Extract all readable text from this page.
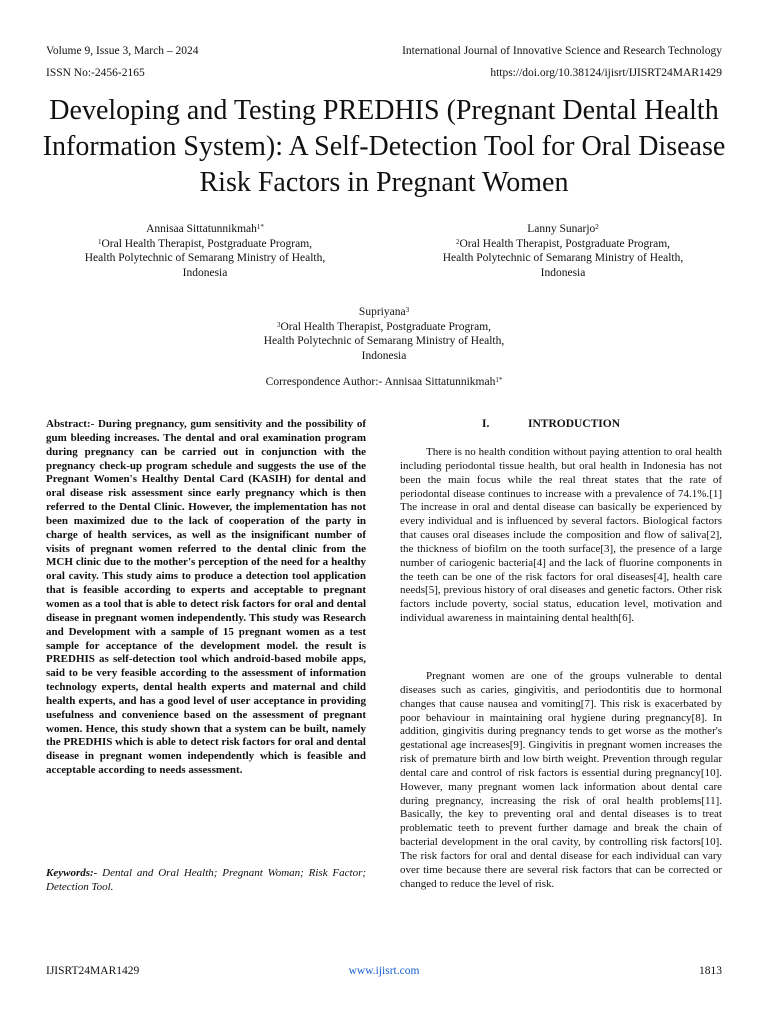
Volume 9, Issue 3, March – 2024	International Journal of Innovative Science and Research Technology
ISSN No:-2456-2165	https://doi.org/10.38124/ijisrt/IJISRT24MAR1429
Developing and Testing PREDHIS (Pregnant Dental Health Information System): A Self-Detection Tool for Oral Disease Risk Factors in Pregnant Women
Annisaa Sittatunnikmah$^{1*}$
$^1$Oral Health Therapist, Postgraduate Program,
Health Polytechnic of Semarang Ministry of Health,
Indonesia
Lanny Sunarjo$^2$
$^2$Oral Health Therapist, Postgraduate Program,
Health Polytechnic of Semarang Ministry of Health,
Indonesia
Supriyana$^3$
$^3$Oral Health Therapist, Postgraduate Program,
Health Polytechnic of Semarang Ministry of Health,
Indonesia
Correspondence Author:- Annisaa Sittatunnikmah$^{1*}$
Abstract:- During pregnancy, gum sensitivity and the possibility of gum bleeding increases. The dental and oral examination program during pregnancy can be carried out in conjunction with the pregnancy check-up program schedule and suggests the use of the Pregnant Women's Healthy Dental Card (KASIH) for dental and oral disease risk assessment since early pregnancy which is then referred to the Dental Clinic. However, the implementation has not been maximized due to the lack of cooperation of the party in charge of health services, as well as the insignificant number of visits of pregnant women referred to the dental clinic from the MCH clinic due to the mother's perception of the need for a healthy oral cavity. This study aims to produce a detection tool application that is feasible according to experts and acceptable to pregnant women as a tool that is able to detect risk factors for oral and dental disease in pregnant women independently. This study was Research and Development with a sample of 15 pregnant women as a test sample for acceptance of the development model. the result is PREDHIS as self-detection tool which android-based mobile apps, said to be very feasible according to the assessment of information technology experts, dental health experts and maternal and child health experts, and has a good level of user acceptance in providing usefulness and convenience based on the assessment of pregnant women. Hence, this study shown that a system can be built, namely the PREDHIS which is able to detect risk factors for oral and dental disease in pregnant women independently which is feasible and acceptable according to needs assessment.
Keywords:- Dental and Oral Health; Pregnant Woman; Risk Factor; Detection Tool.
I.	INTRODUCTION

There is no health condition without paying attention to oral health including periodontal tissue health, but oral health in Indonesia has not been the main focus while the real threat states that the rate of periodontal disease continues to increase with a prevalence of 74.1%.[1] The increase in oral and dental disease can basically be experienced by every individual and is influenced by several factors. Biological factors that causes oral diseases include the composition and flow of saliva[2], the thickness of biofilm on the tooth surface[3], the presence of a large number of cariogenic bacteria[4] and the lack of fluorine components in the teeth can be one of the risk factors for oral diseases[4], health care needs[5], previous history of oral diseases and genetic factors. Other risk factors include poverty, social status, education level, motivation and individual awareness in maintaining dental health[6].

Pregnant women are one of the groups vulnerable to dental diseases such as caries, gingivitis, and periodontitis due to hormonal changes that cause nausea and vomiting[7]. This risk is exacerbated by poor behaviour in maintaining oral hygiene during pregnancy[8]. In addition, gingivitis during pregnancy tends to get worse as the mother's gestational age increases[9]. Gingivitis in pregnant women increases the risk of premature birth and low birth weight. Prevention through regular dental care and control of risk factors is essential during pregnancy[10]. However, many pregnant women lack information about dental care during pregnancy, increasing the risk of oral health problems[11]. Basically, the key to preventing oral and dental diseases is to treat problematic teeth to prevent further damage and break the chain of bacterial development in the oral cavity, by controlling risk factors[10]. The risk factors for oral and dental disease for each individual can vary over time because there are several risk factors that can be corrected or changed to reduce the level of risk.

IJISRT24MAR1429	www.ijisrt.com	1813
